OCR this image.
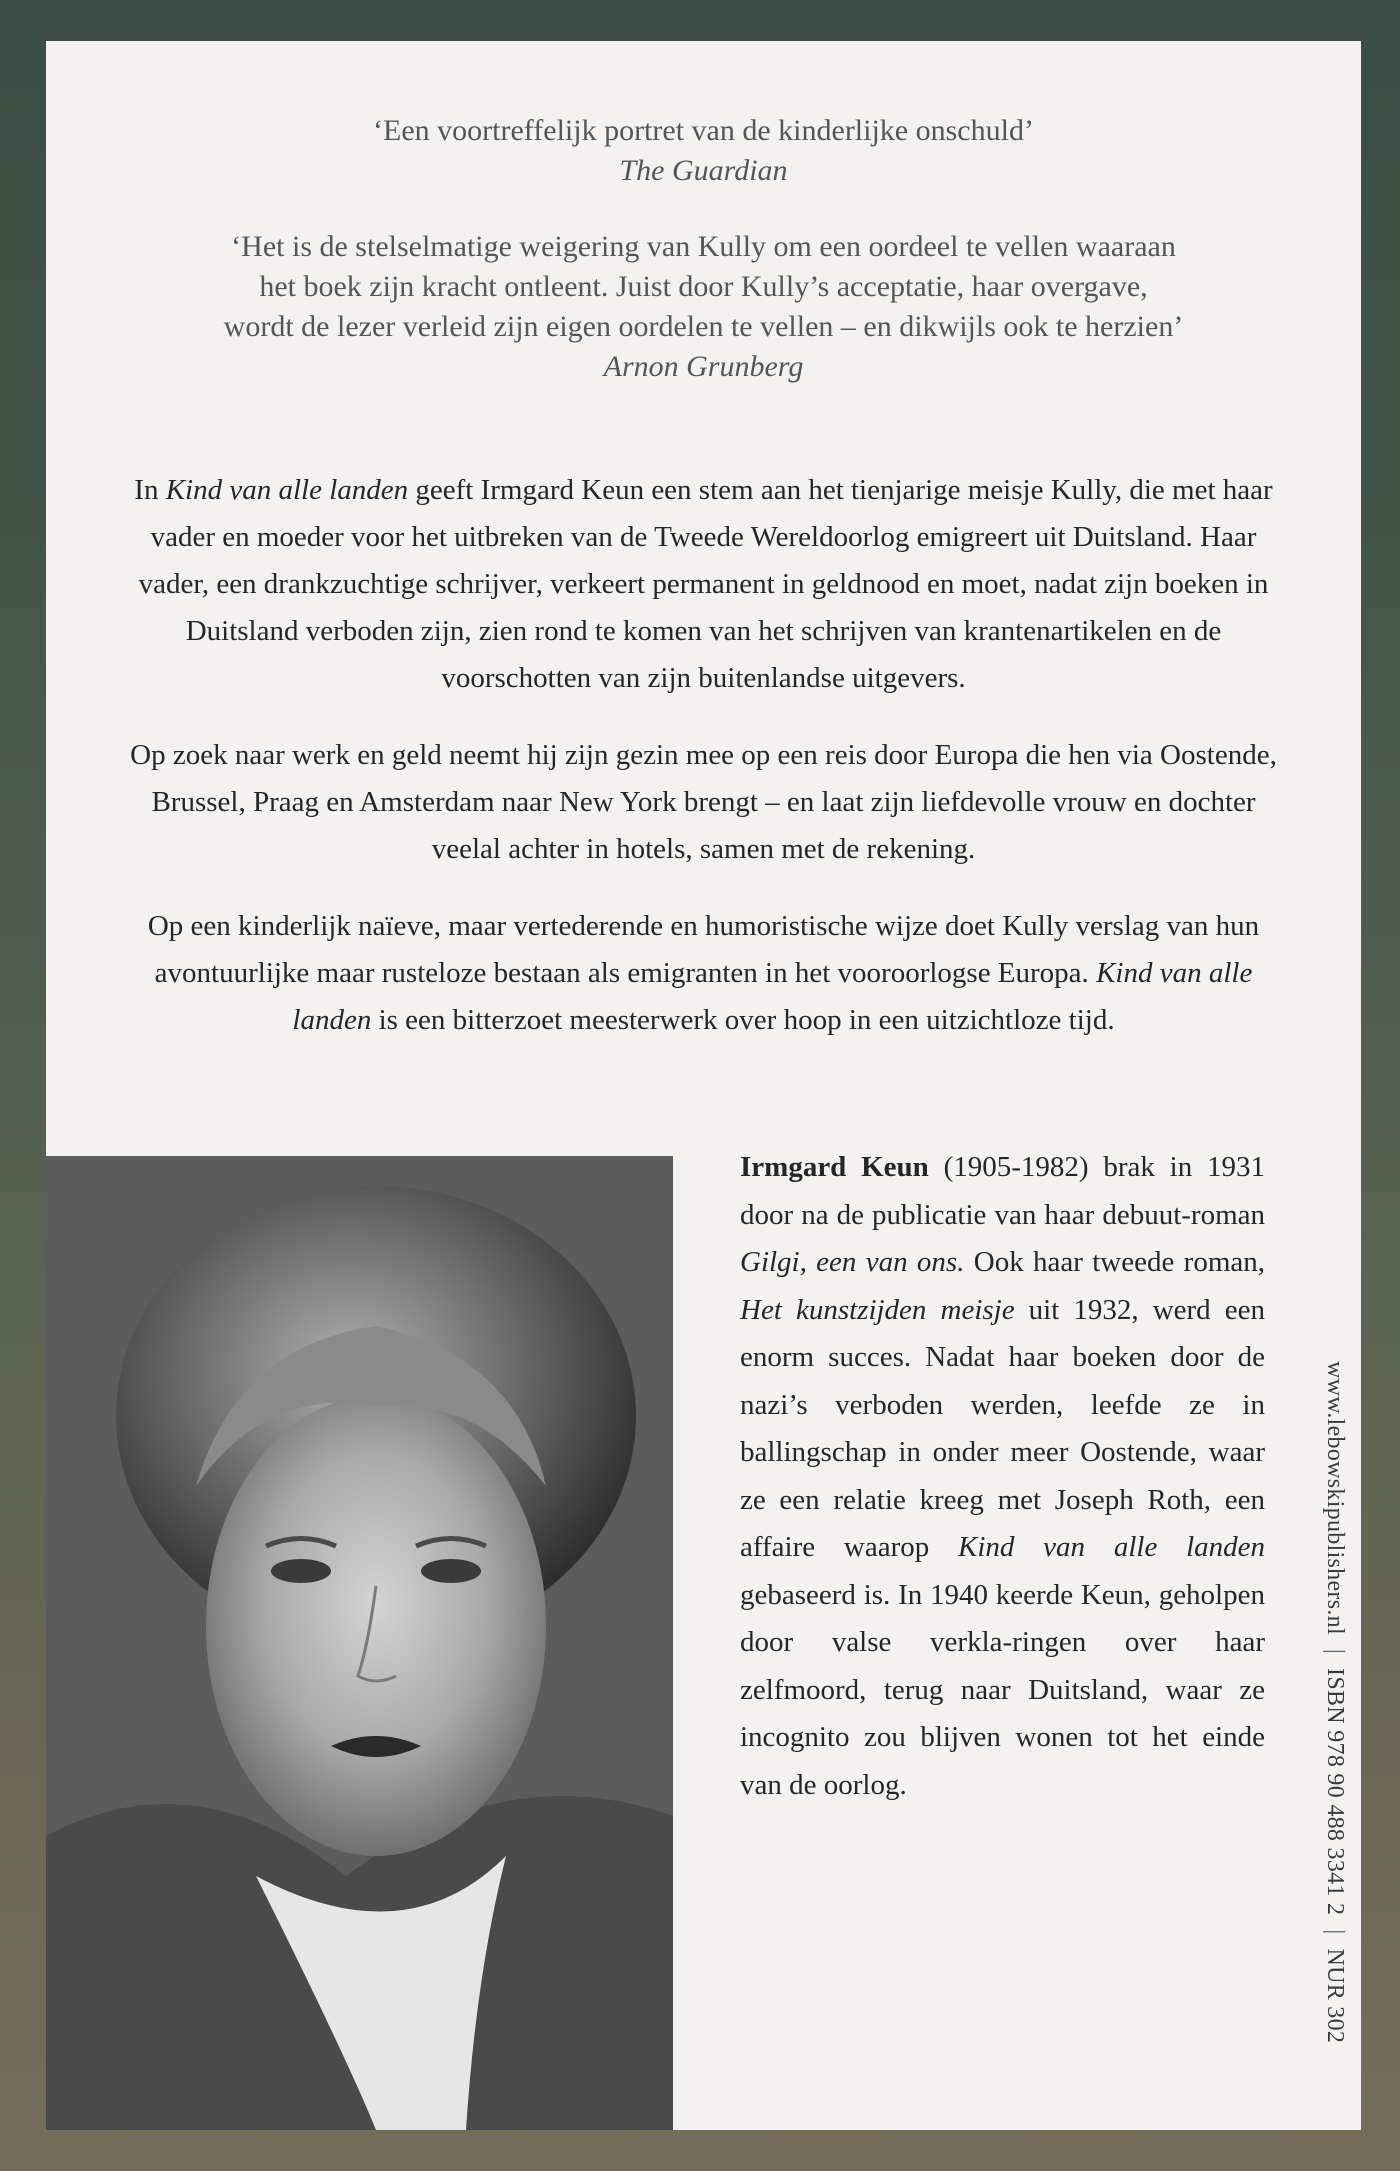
‘Een voortreffelijk portret van de kinderlijke onschuld’
The Guardian
‘Het is de stelselmatige weigering van Kully om een oordeel te vellen waaraan
het boek zijn kracht ontleent. Juist door Kully’s acceptatie, haar overgave,
wordt de lezer verleid zijn eigen oordelen te vellen – en dikwijls ook te herzien’
Arnon Grunberg

In Kind van alle landen geeft Irmgard Keun een stem aan het tienjarige meisje Kully, die met haar vader en moeder voor het uitbreken van de Tweede Wereldoorlog emigreert uit Duitsland. Haar vader, een drankzuchtige schrijver, verkeert permanent in geldnood en moet, nadat zijn boeken in Duitsland verboden zijn, zien rond te komen van het schrijven van krantenartikelen en de voorschotten van zijn buitenlandse uitgevers.

Op zoek naar werk en geld neemt hij zijn gezin mee op een reis door Europa die hen via Oostende, Brussel, Praag en Amsterdam naar New York brengt – en laat zijn liefdevolle vrouw en dochter veelal achter in hotels, samen met de rekening.

Op een kinderlijk naïeve, maar vertederende en humoristische wijze doet Kully verslag van hun avontuurlijke maar rusteloze bestaan als emigranten in het vooroorlogse Europa. Kind van alle landen is een bitterzoet meesterwerk over hoop in een uitzichtloze tijd.

Irmgard Keun (1905-1982) brak in 1931 door na de publicatie van haar debuut-roman Gilgi, een van ons. Ook haar tweede roman, Het kunstzijden meisje uit 1932, werd een enorm succes. Nadat haar boeken door de nazi’s verboden werden, leefde ze in ballingschap in onder meer Oostende, waar ze een relatie kreeg met Joseph Roth, een affaire waarop Kind van alle landen gebaseerd is. In 1940 keerde Keun, geholpen door valse verkla-ringen over haar zelfmoord, terug naar Duitsland, waar ze incognito zou blijven wonen tot het einde van de oorlog.
www.lebowskipublishers.nl|ISBN 978 90 488 3341 2|NUR 302
